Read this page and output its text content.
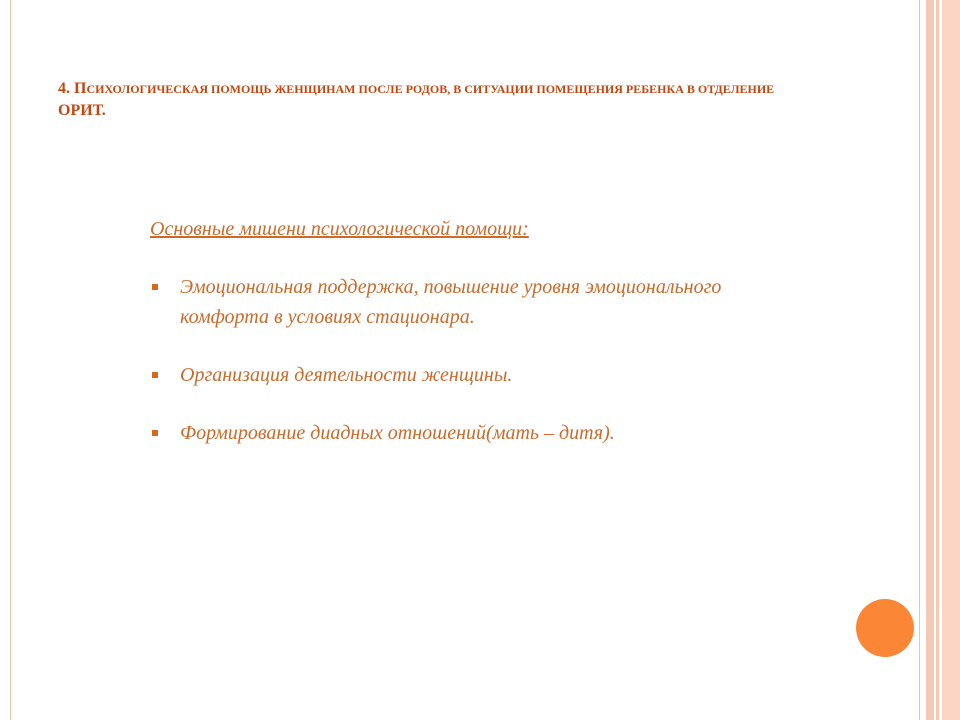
4. ПСИХОЛОГИЧЕСКАЯ ПОМОЩЬ ЖЕНЩИНАМ ПОСЛЕ РОДОВ, В СИТУАЦИИ ПОМЕЩЕНИЯ РЕБЕНКА В ОТДЕЛЕНИЕ ОРИТ.

Основные мишени психологической помощи:

Эмоциональная поддержка, повышение уровня эмоционального комфорта в условиях стационара.
Организация деятельности женщины.
Формирование диадных отношений(мать – дитя).
